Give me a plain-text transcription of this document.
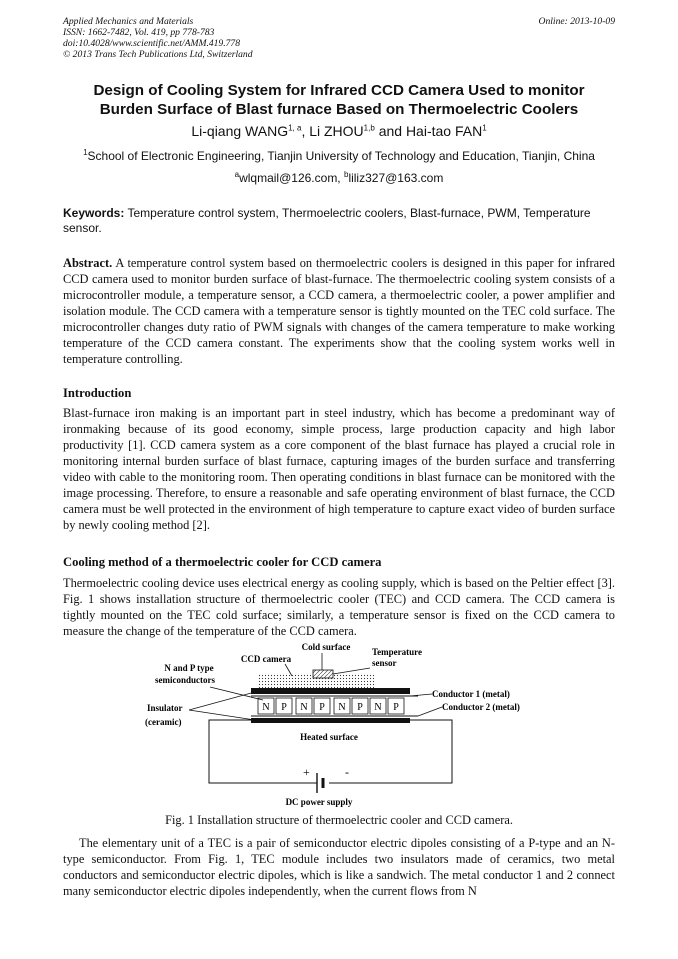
Applied Mechanics and Materials
ISSN: 1662-7482, Vol. 419, pp 778-783
doi:10.4028/www.scientific.net/AMM.419.778
© 2013 Trans Tech Publications Ltd, Switzerland
Online: 2013-10-09
Design of Cooling System for Infrared CCD Camera Used to monitor
Burden Surface of Blast furnace Based on Thermoelectric Coolers
Li-qiang WANG$^{1, a}$, Li ZHOU$^{1,b}$ and Hai-tao FAN$^1$
$^1$School of Electronic Engineering, Tianjin University of Technology and Education, Tianjin, China
$^a$wlqmail@126.com, $^b$liliz327@163.com
Keywords: Temperature control system, Thermoelectric coolers, Blast-furnace, PWM, Temperature sensor.
Abstract. A temperature control system based on thermoelectric coolers is designed in this paper for infrared CCD camera used to monitor burden surface of blast-furnace. The thermoelectric cooling system consists of a microcontroller module, a temperature sensor, a CCD camera, a thermoelectric cooler, a power amplifier and isolation module. The CCD camera with a temperature sensor is tightly mounted on the TEC cold surface. The microcontroller changes duty ratio of PWM signals with changes of the camera temperature to make working temperature of the CCD camera constant. The experiments show that the cooling system works well in temperature controlling.
Introduction
Blast-furnace iron making is an important part in steel industry, which has become a predominant way of ironmaking because of its good economy, simple process, large production capacity and high labor productivity [1]. CCD camera system as a core component of the blast furnace has played a crucial role in monitoring internal burden surface of blast furnace, capturing images of the burden surface and transferring video with cable to the monitoring room. Then operating conditions in blast furnace can be monitored with the image processing. Therefore, to ensure a reasonable and safe operating environment of blast furnace, the CCD camera must be well protected in the environment of high temperature to capture exact video of burden surface by newly cooling method [2].
Cooling method of a thermoelectric cooler for CCD camera
Thermoelectric cooling device uses electrical energy as cooling supply, which is based on the Peltier effect [3]. Fig. 1 shows installation structure of thermoelectric cooler (TEC) and CCD camera. The CCD camera is tightly mounted on the TEC cold surface; similarly, a temperature sensor is fixed on the CCD camera to measure the change of the temperature of the CCD camera.
N P N P N P N P
Cold surface
CCD camera
Temperature
sensor
N and P type
semiconductors
Conductor 1 (metal)
Conductor 2 (metal)
Insulator
(ceramic)
Heated surface
+	-
DC power supply
Fig. 1 Installation structure of thermoelectric cooler and CCD camera.
The elementary unit of a TEC is a pair of semiconductor electric dipoles consisting of a P-type and an N-type semiconductor. From Fig. 1, TEC module includes two insulators made of ceramics, two metal conductors and semiconductor electric dipoles, which is like a sandwich. The metal conductor 1 and 2 connect many semiconductor electric dipoles independently, when the current flows from N
